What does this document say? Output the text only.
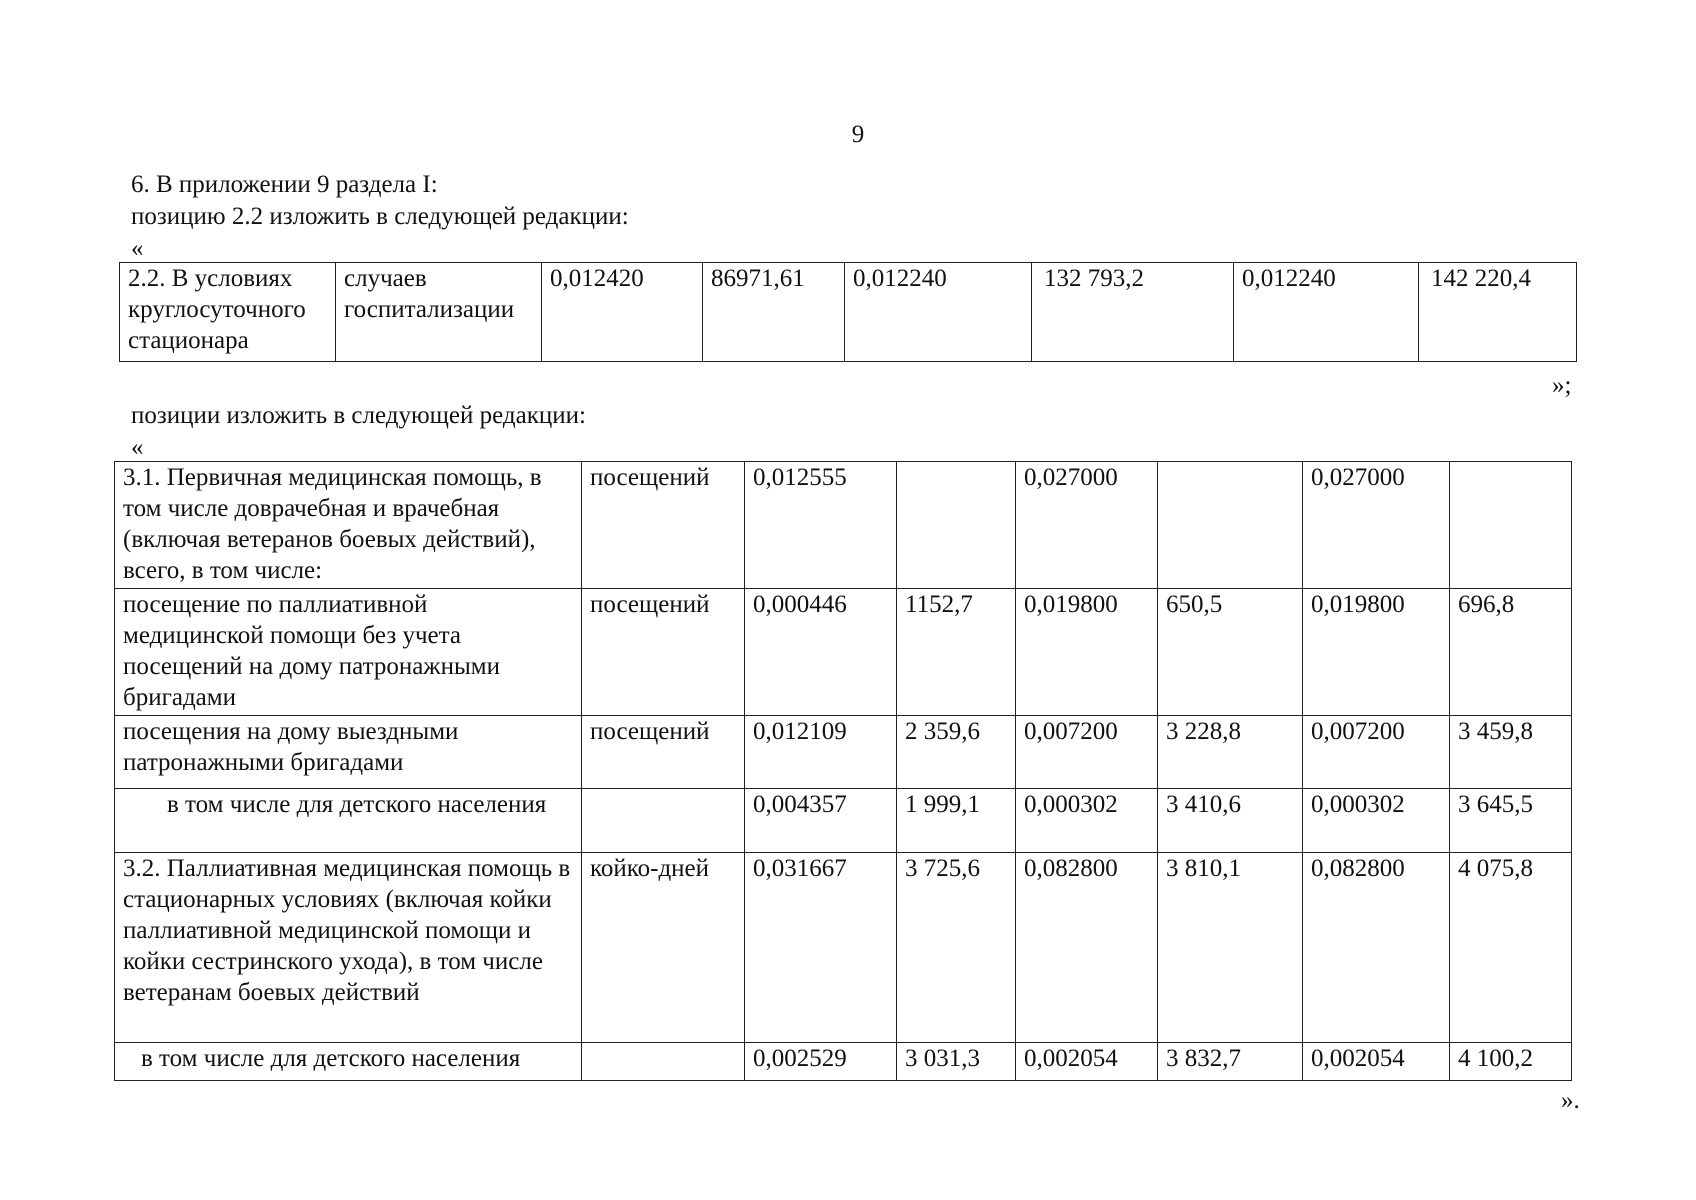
9
6. В приложении 9 раздела I:
позицию 2.2 изложить в следующей редакции:
«
2.2. В условиях круглосуточного стационара	случаев госпитализации	0,012420	86971,61	0,012240	132 793,2	0,012240	142 220,4
»;
позиции изложить в следующей редакции:
«
3.1. Первичная медицинская помощь, в том числе доврачебная и врачебная (включая ветеранов боевых действий), всего, в том числе:	посещений	0,012555		0,027000		0,027000	
посещение по паллиативной медицинской помощи без учета посещений на дому патронажными бригадами	посещений	0,000446	1152,7	0,019800	650,5	0,019800	696,8
посещения на дому выездными патронажными бригадами	посещений	0,012109	2 359,6	0,007200	3 228,8	0,007200	3 459,8
в том числе для детского населения		0,004357	1 999,1	0,000302	3 410,6	0,000302	3 645,5
3.2. Паллиативная медицинская помощь в стационарных условиях (включая койки паллиативной медицинской помощи и койки сестринского ухода), в том числе ветеранам боевых действий	койко-дней	0,031667	3 725,6	0,082800	3 810,1	0,082800	4 075,8
в том числе для детского населения		0,002529	3 031,3	0,002054	3 832,7	0,002054	4 100,2
».
